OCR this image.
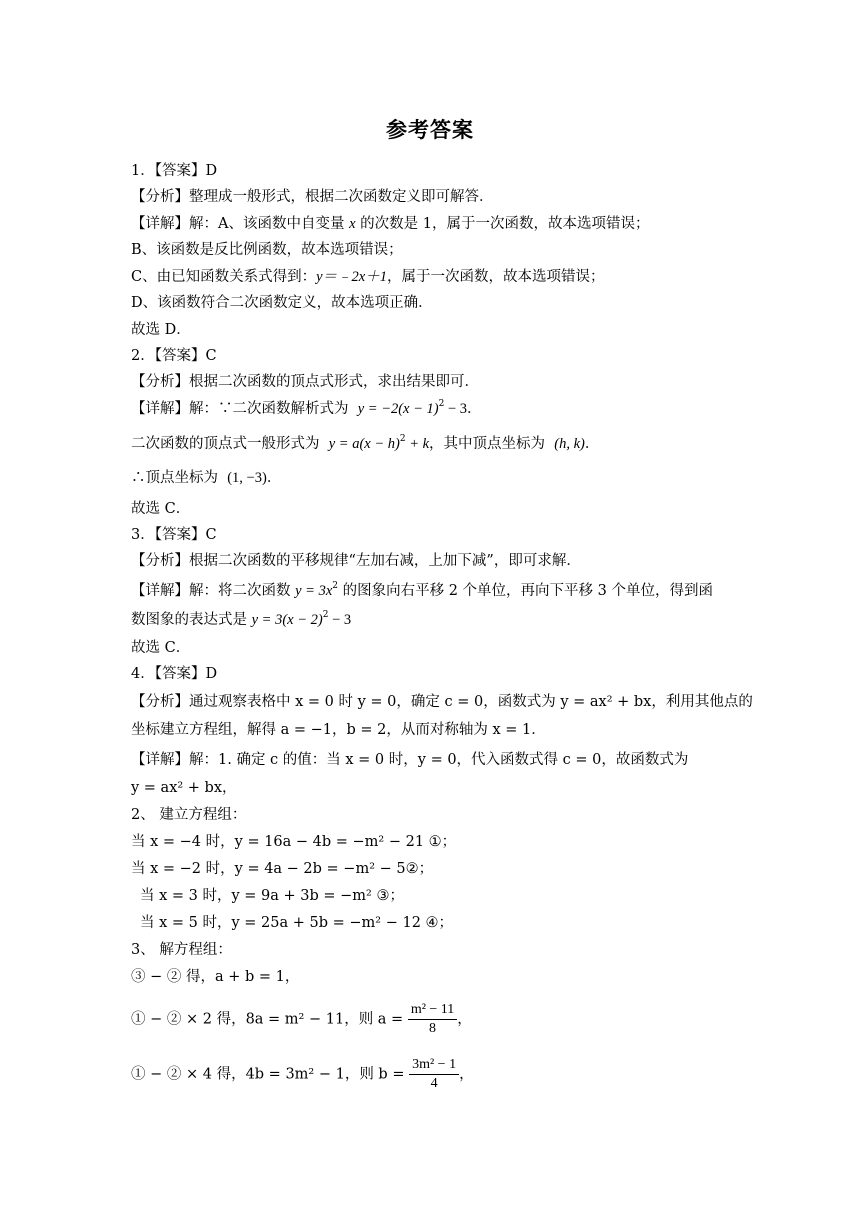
参考答案
1．【答案】D
【分析】整理成一般形式，根据二次函数定义即可解答．
【详解】解：A、该函数中自变量 x 的次数是 1，属于一次函数，故本选项错误；
B、该函数是反比例函数，故本选项错误；
C、由已知函数关系式得到：y＝﹣2x＋1，属于一次函数，故本选项错误；
D、该函数符合二次函数定义，故本选项正确．
故选 D．
2．【答案】C
【分析】根据二次函数的顶点式形式，求出结果即可．
【详解】解：∵二次函数解析式为 $y = -2(x - 1)^2 - 3$．
二次函数的顶点式一般形式为 $y = a(x - h)^2 + k$，其中顶点坐标为 (h, k)．
∴顶点坐标为 (1, −3)．
故选 C．
3．【答案】C
【分析】根据二次函数的平移规律“左加右减，上加下减”，即可求解．
【详解】解：将二次函数 $y = 3x^2$ 的图象向右平移 2 个单位，再向下平移 3 个单位，得到函
数图象的表达式是 $y = 3(x - 2)^2 - 3$
故选 C．
4．【答案】D
【分析】通过观察表格中 x = 0 时 y = 0，确定 c = 0，函数式为 y = ax² + bx，利用其他点的
坐标建立方程组，解得 a = −1，b = 2，从而对称轴为 x = 1．
【详解】解：1. 确定 c 的值：当 x = 0 时，y = 0，代入函数式得 c = 0，故函数式为
y = ax² + bx，
2、 建立方程组：
当 x = −4 时，y = 16a − 4b = −m² − 21 ①；
当 x = −2 时，y = 4a − 2b = −m² − 5②；
当 x = 3 时，y = 9a + 3b = −m² ③；
当 x = 5 时，y = 25a + 5b = −m² − 12 ④；
3、 解方程组：
③ − ② 得，a + b = 1，
① − ② × 2 得，8a = m² − 11，则 $a = \frac{\text{m² − 11}}{8}$ ，
① − ② × 4 得，4b = 3m² − 1，则 $b = \frac{\text{3m² − 1}}{4}$ ，
